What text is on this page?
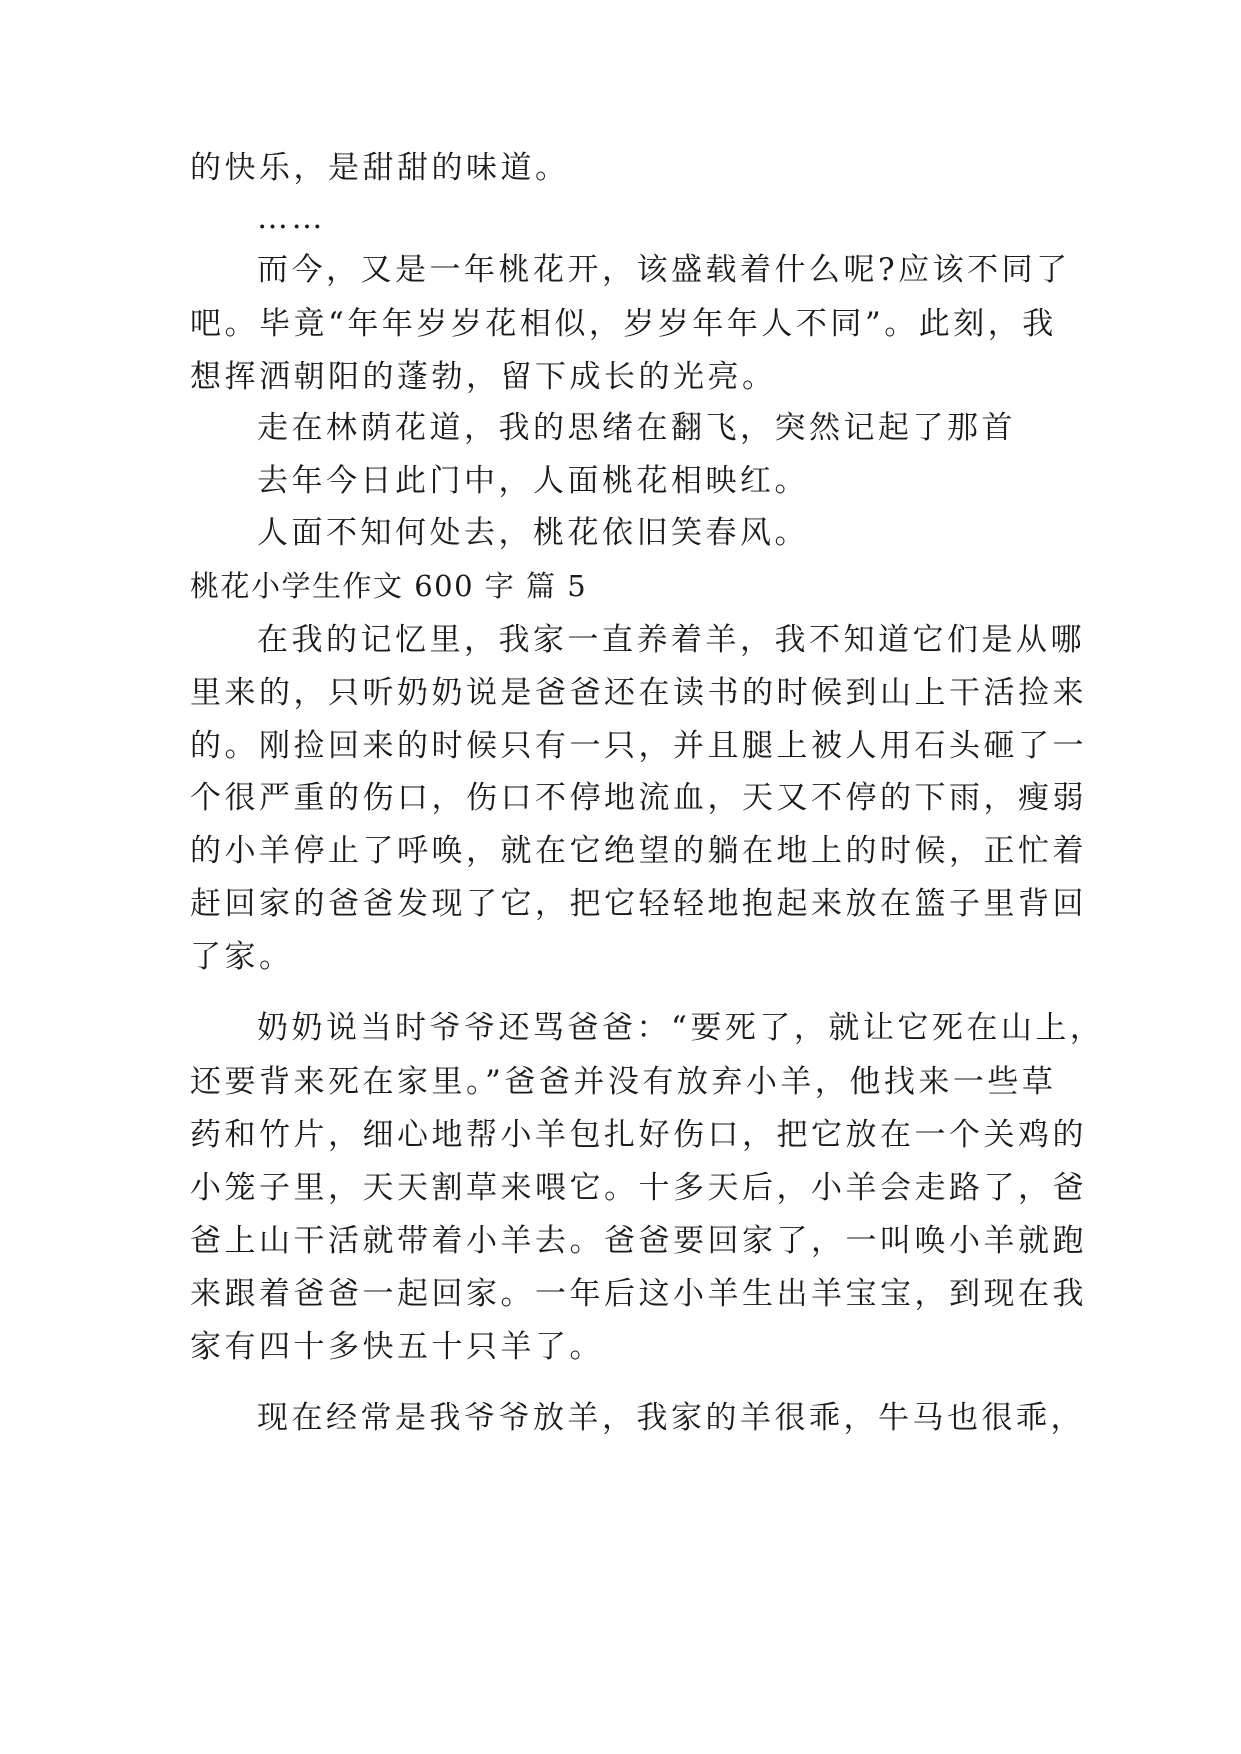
的快乐，是甜甜的味道。
……
而今，又是一年桃花开，该盛载着什么呢?应该不同了
吧。毕竟“年年岁岁花相似，岁岁年年人不同”。此刻，我
想挥洒朝阳的蓬勃，留下成长的光亮。
走在林荫花道，我的思绪在翻飞，突然记起了那首
去年今日此门中，人面桃花相映红。
人面不知何处去，桃花依旧笑春风。
桃花小学生作文 600 字 篇 5
在我的记忆里，我家一直养着羊，我不知道它们是从哪
里来的，只听奶奶说是爸爸还在读书的时候到山上干活捡来
的。刚捡回来的时候只有一只，并且腿上被人用石头砸了一
个很严重的伤口，伤口不停地流血，天又不停的下雨，瘦弱
的小羊停止了呼唤，就在它绝望的躺在地上的时候，正忙着
赶回家的爸爸发现了它，把它轻轻地抱起来放在篮子里背回
了家。
奶奶说当时爷爷还骂爸爸：“要死了，就让它死在山上，
还要背来死在家里。”爸爸并没有放弃小羊，他找来一些草
药和竹片，细心地帮小羊包扎好伤口，把它放在一个关鸡的
小笼子里，天天割草来喂它。十多天后，小羊会走路了，爸
爸上山干活就带着小羊去。爸爸要回家了，一叫唤小羊就跑
来跟着爸爸一起回家。一年后这小羊生出羊宝宝，到现在我
家有四十多快五十只羊了。
现在经常是我爷爷放羊，我家的羊很乖，牛马也很乖，
